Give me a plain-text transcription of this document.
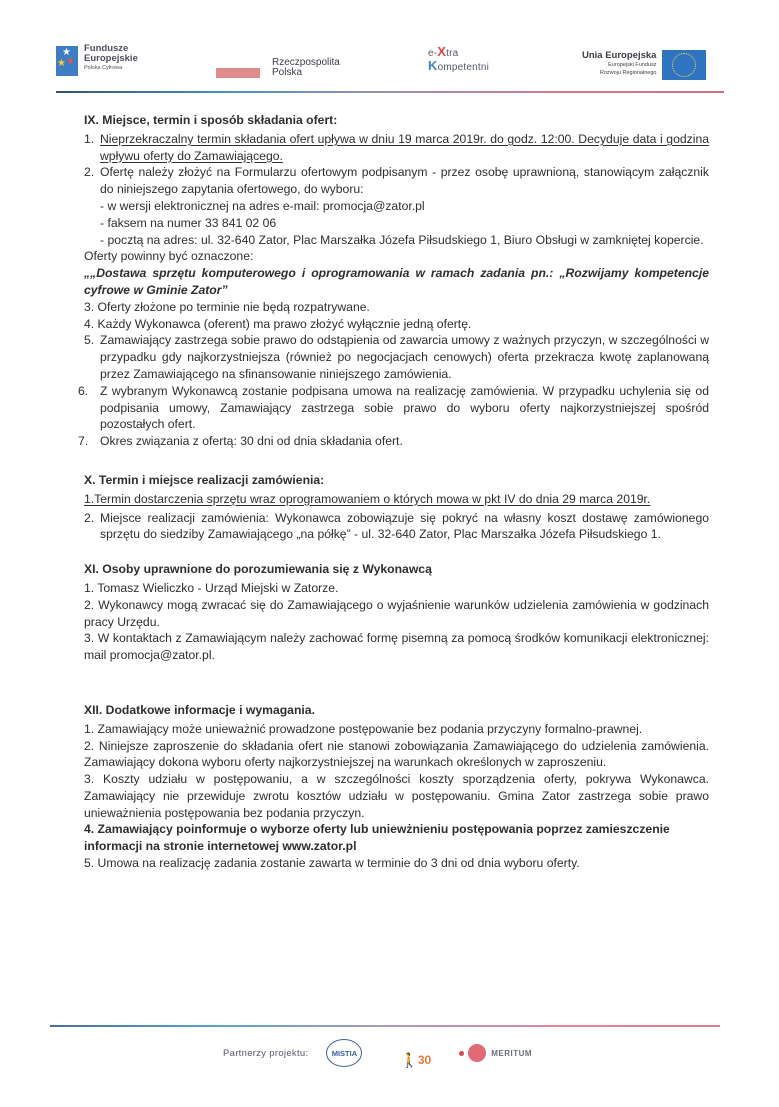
★
★ ★
Fundusze
Europejskie
Polska Cyfrowa	Rzeczpospolita
Polska
e-Xtra
Kompetentni
Unia Europejska
Europejski Fundusz
Rozwoju Regionalnego
IX. Miejsce, termin i sposób składania ofert:
1. Nieprzekraczalny termin składania ofert upływa w dniu 19 marca 2019r. do godz. 12:00. Decyduje data i godzina wpływu oferty do Zamawiającego.
2. Ofertę należy złożyć na Formularzu ofertowym podpisanym - przez osobę uprawnioną, stanowiącym załącznik do niniejszego zapytania ofertowego, do wyboru:
- w wersji elektronicznej na adres e-mail: promocja@zator.pl
- faksem na numer 33 841 02 06
- pocztą na adres: ul. 32-640 Zator, Plac Marszałka Józefa Piłsudskiego 1, Biuro Obsługi w zamkniętej kopercie.
Oferty powinny być oznaczone:
„„Dostawa sprzętu komputerowego i oprogramowania w ramach zadania pn.: „Rozwijamy kompetencje cyfrowe w Gminie Zator”
3. Oferty złożone po terminie nie będą rozpatrywane.
4. Każdy Wykonawca (oferent) ma prawo złożyć wyłącznie jedną ofertę.
5. Zamawiający zastrzega sobie prawo do odstąpienia od zawarcia umowy z ważnych przyczyn, w szczególności w przypadku gdy najkorzystniejsza (również po negocjacjach cenowych) oferta przekracza kwotę zaplanowaną przez Zamawiającego na sfinansowanie niniejszego zamówienia.
6. Z wybranym Wykonawcą zostanie podpisana umowa na realizację zamówienia. W przypadku uchylenia się od podpisania umowy, Zamawiający zastrzega sobie prawo do wyboru oferty najkorzystniejszej spośród pozostałych ofert.
7. Okres związania z ofertą: 30 dni od dnia składania ofert.
X. Termin i miejsce realizacji zamówienia:
1.Termin dostarczenia sprzętu wraz oprogramowaniem o których mowa w pkt IV do dnia 29 marca 2019r.
2. Miejsce realizacji zamówienia: Wykonawca zobowiązuje się pokryć na własny koszt dostawę zamówionego sprzętu do siedziby Zamawiającego „na półkę” - ul. 32-640 Zator, Plac Marszałka Józefa Piłsudskiego 1.
XI. Osoby uprawnione do porozumiewania się z Wykonawcą
1. Tomasz Wieliczko - Urząd Miejski w Zatorze.
2. Wykonawcy mogą zwracać się do Zamawiającego o wyjaśnienie warunków udzielenia zamówienia w godzinach pracy Urzędu.
3. W kontaktach z Zamawiającym należy zachować formę pisemną za pomocą środków komunikacji elektronicznej: mail promocja@zator.pl.
XII. Dodatkowe informacje i wymagania.
1. Zamawiający może unieważnić prowadzone postępowanie bez podania przyczyny formalno-prawnej.
2. Niniejsze zaproszenie do składania ofert nie stanowi zobowiązania Zamawiającego do udzielenia zamówienia. Zamawiający dokona wyboru oferty najkorzystniejszej na warunkach określonych w zaproszeniu.
3. Koszty udziału w postępowaniu, a w szczególności koszty sporządzenia oferty, pokrywa Wykonawca. Zamawiający nie przewiduje zwrotu kosztów udziału w postępowaniu. Gmina Zator zastrzega sobie prawo unieważnienia postępowania bez podania przyczyn.
4. Zamawiający poinformuje o wyborze oferty lub uniewżnieniu postępowania poprzez zamieszczenie informacji na stronie internetowej www.zator.pl
5. Umowa na realizację zadania zostanie zawarta w terminie do 3 dni od dnia wyboru oferty.
Partnerzy projektu:	MISTIA	🚶 30	MERITUM
